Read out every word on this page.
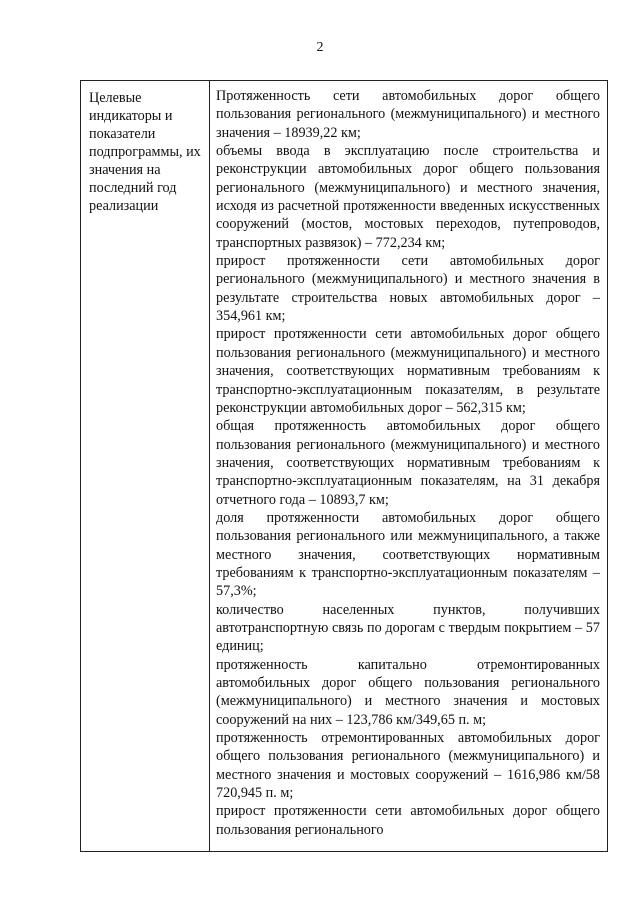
2
Целевые индикаторы и показатели подпрограммы, их значения на последний год реализации

Протяженность сети автомобильных дорог общего пользования регионального (межмуниципального) и местного значения – 18939,22 км;

объемы ввода в эксплуатацию после строительства и реконструкции автомобильных дорог общего пользования регионального (межмуниципального) и местного значения, исходя из расчетной протяженности введенных искусственных сооружений (мостов, мостовых переходов, путепроводов, транспортных развязок) – 772,234 км;

прирост протяженности сети автомобильных дорог регионального (межмуниципального) и местного значения в результате строительства новых автомобильных дорог – 354,961 км;

прирост протяженности сети автомобильных дорог общего пользования регионального (межмуниципального) и местного значения, соответствующих нормативным требованиям к транспортно-эксплуатационным показателям, в результате реконструкции автомобильных дорог – 562,315 км;

общая протяженность автомобильных дорог общего пользования регионального (межмуниципального) и местного значения, соответствующих нормативным требованиям к транспортно-эксплуатационным показателям, на 31 декабря отчетного года – 10893,7 км;

доля протяженности автомобильных дорог общего пользования регионального или межмуниципального, а также местного значения, соответствующих нормативным требованиям к транспортно-эксплуатационным показателям – 57,3%;

количество населенных пунктов, получивших автотранспортную связь по дорогам с твердым покрытием – 57 единиц;

протяженность капитально отремонтированных автомобильных дорог общего пользования регионального (межмуниципального) и местного значения и мостовых сооружений на них – 123,786 км/349,65 п. м;

протяженность отремонтированных автомобильных дорог общего пользования регионального (межмуниципального) и местного значения и мостовых сооружений – 1616,986 км/58 720,945 п. м;

прирост протяженности сети автомобильных дорог общего пользования регионального
